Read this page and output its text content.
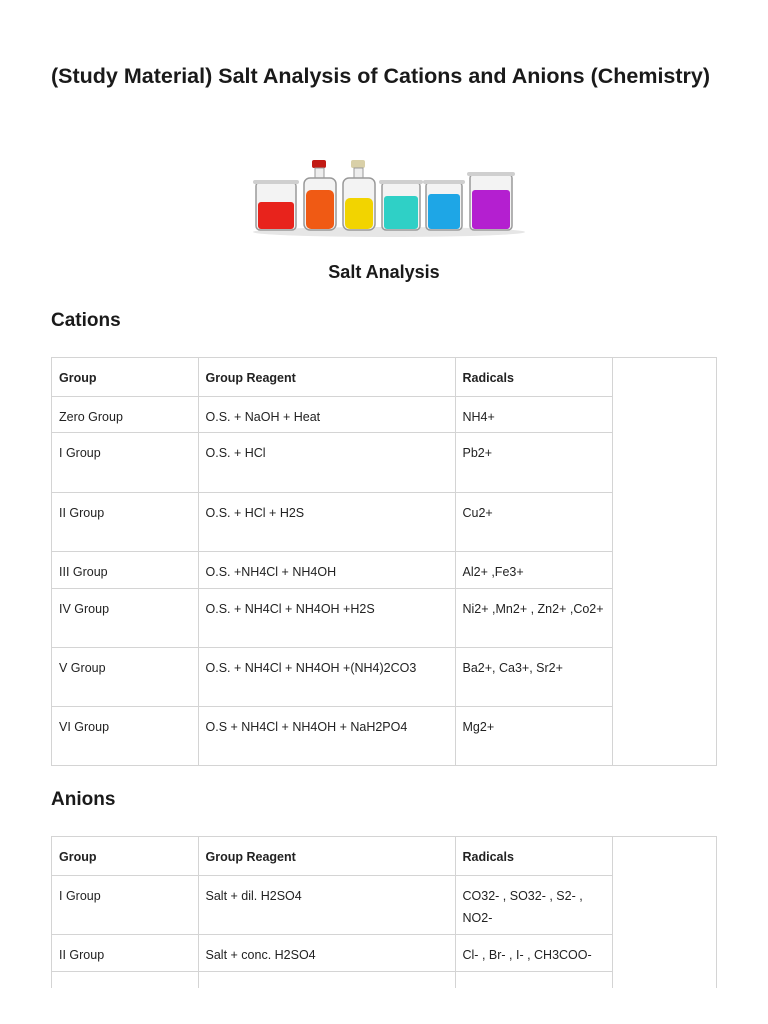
(Study Material) Salt Analysis of Cations and Anions (Chemistry)
Salt Analysis
Cations
Group	Group Reagent	Radicals
Zero Group	O.S. + NaOH + Heat	NH4+
I Group	O.S. + HCl	Pb2+
II Group	O.S. + HCl + H2S	Cu2+
III Group	O.S. +NH4Cl + NH4OH	Al2+ ,Fe3+
IV Group	O.S. + NH4Cl + NH4OH +H2S	Ni2+ ,Mn2+ , Zn2+ ,Co2+
V Group	O.S. + NH4Cl + NH4OH +(NH4)2CO3	Ba2+, Ca3+, Sr2+
VI Group	O.S + NH4Cl + NH4OH + NaH2PO4	Mg2+
Anions
Group	Group Reagent	Radicals
I Group	Salt + dil. H2SO4	CO32- , SO32- , S2- , NO2-
II Group	Salt + conc. H2SO4	Cl- , Br- , I- , CH3COO-
